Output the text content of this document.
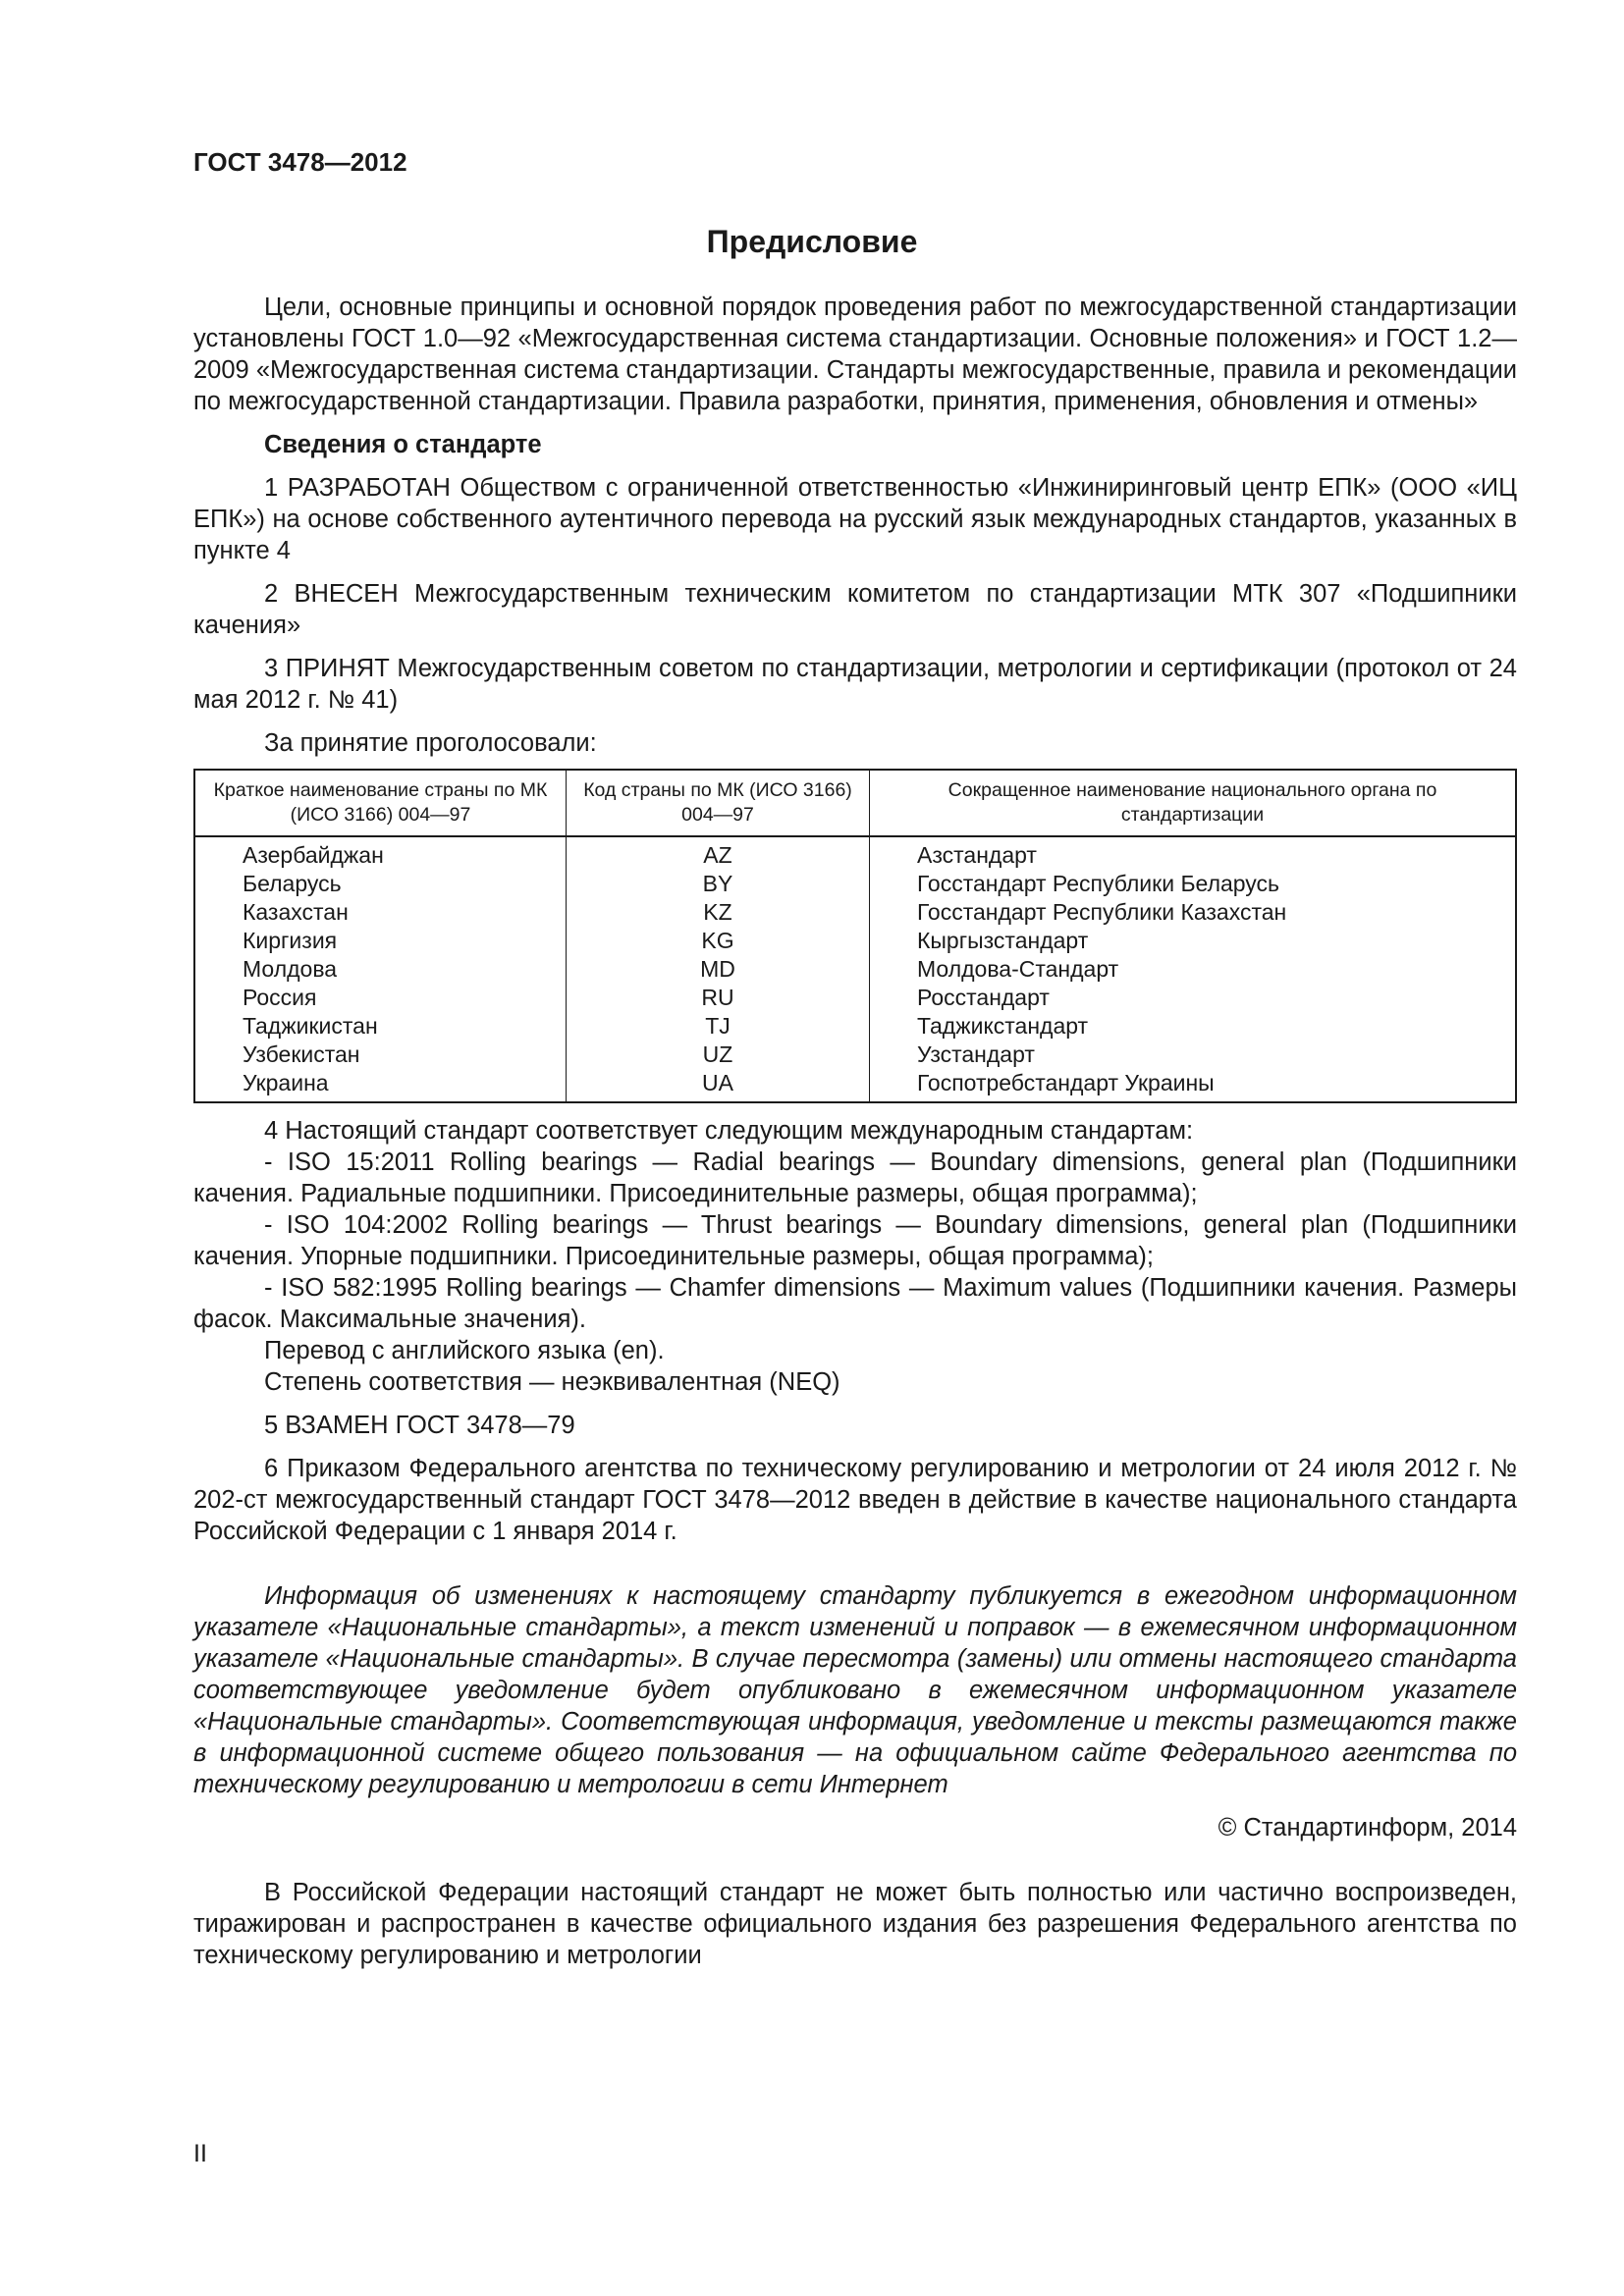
ГОСТ 3478—2012
Предисловие

Цели, основные принципы и основной порядок проведения работ по межгосударственной стандартизации установлены ГОСТ 1.0—92 «Межгосударственная система стандартизации. Основные положения» и ГОСТ 1.2—2009 «Межгосударственная система стандартизации. Стандарты межгосударственные, правила и рекомендации по межгосударственной стандартизации. Правила разработки, принятия, применения, обновления и отмены»

Сведения о стандарте

1 РАЗРАБОТАН Обществом с ограниченной ответственностью «Инжиниринговый центр ЕПК» (ООО «ИЦ ЕПК») на основе собственного аутентичного перевода на русский язык международных стандартов, указанных в пункте 4

2 ВНЕСЕН Межгосударственным техническим комитетом по стандартизации МТК 307 «Подшипники качения»

3 ПРИНЯТ Межгосударственным советом по стандартизации, метрологии и сертификации (протокол от 24 мая 2012 г. № 41)

За принятие проголосовали:

Краткое наименование страны по МК (ИСО 3166) 004—97	Код страны по МК (ИСО 3166) 004—97	Сокращенное наименование национального органа по стандартизации
Азербайджан	AZ	Азстандарт
Беларусь	BY	Госстандарт Республики Беларусь
Казахстан	KZ	Госстандарт Республики Казахстан
Киргизия	KG	Кыргызстандарт
Молдова	MD	Молдова-Стандарт
Россия	RU	Росстандарт
Таджикистан	TJ	Таджикстандарт
Узбекистан	UZ	Узстандарт
Украина	UA	Госпотребстандарт Украины

4 Настоящий стандарт соответствует следующим международным стандартам:

- ISO 15:2011 Rolling bearings — Radial bearings — Boundary dimensions, general plan (Подшипники качения. Радиальные подшипники. Присоединительные размеры, общая программа);

- ISO 104:2002 Rolling bearings — Thrust bearings — Boundary dimensions, general plan (Подшипники качения. Упорные подшипники. Присоединительные размеры, общая программа);

- ISO 582:1995 Rolling bearings — Chamfer dimensions — Maximum values (Подшипники качения. Размеры фасок. Максимальные значения).

Перевод с английского языка (en).

Степень соответствия — неэквивалентная (NEQ)

5 ВЗАМЕН ГОСТ 3478—79

6 Приказом Федерального агентства по техническому регулированию и метрологии от 24 июля 2012 г. № 202-ст межгосударственный стандарт ГОСТ 3478—2012 введен в действие в качестве национального стандарта Российской Федерации с 1 января 2014 г.

Информация об изменениях к настоящему стандарту публикуется в ежегодном информационном указателе «Национальные стандарты», а текст изменений и поправок — в ежемесячном информационном указателе «Национальные стандарты». В случае пересмотра (замены) или отмены настоящего стандарта соответствующее уведомление будет опубликовано в ежемесячном информационном указателе «Национальные стандарты». Соответствующая информация, уведомление и тексты размещаются также в информационной системе общего пользования — на официальном сайте Федерального агентства по техническому регулированию и метрологии в сети Интернет

© Стандартинформ, 2014

В Российской Федерации настоящий стандарт не может быть полностью или частично воспроизведен, тиражирован и распространен в качестве официального издания без разрешения Федерального агентства по техническому регулированию и метрологии

II
